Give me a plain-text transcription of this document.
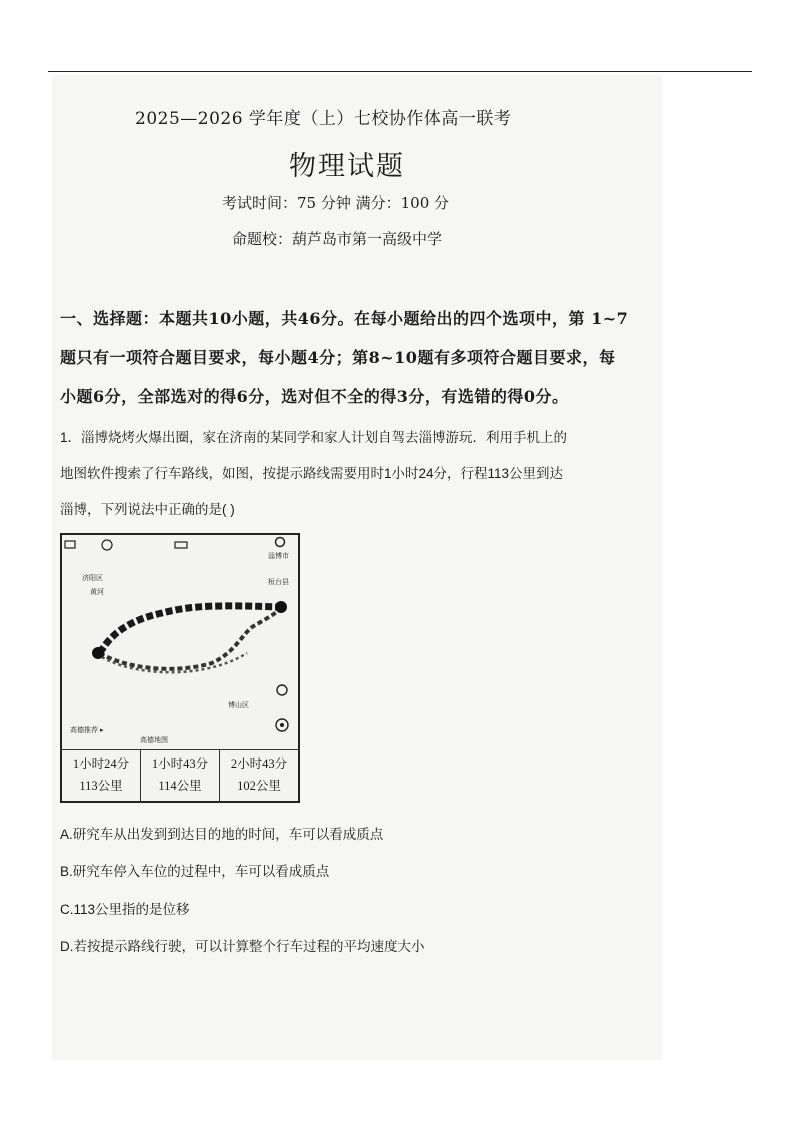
2025—2026 学年度（上）七校协作体高一联考
物理试题
考试时间：75 分钟 满分：100 分
命题校：葫芦岛市第一高级中学
一、选择题：本题共10小题，共46分。在每小题给出的四个选项中，第 1~7
题只有一项符合题目要求，每小题4分；第8~10题有多项符合题目要求，每
小题6分，全部选对的得6分，选对但不全的得3分，有选错的得0分。
1．淄博烧烤火爆出圈，家在济南的某同学和家人计划自驾去淄博游玩．利用手机上的
地图软件搜索了行车路线，如图，按提示路线需要用时1小时24分，行程113公里到达
淄博，下列说法中正确的是( )
济阳区
黄河
淄博市
桓台县
博山区
高德推荐 ▸
高德地图
1小时24分
113公里
1小时43分
114公里
2小时43分
102公里
A.研究车从出发到到达目的地的时间，车可以看成质点
B.研究车停入车位的过程中，车可以看成质点
C.113公里指的是位移
D.若按提示路线行驶，可以计算整个行车过程的平均速度大小
